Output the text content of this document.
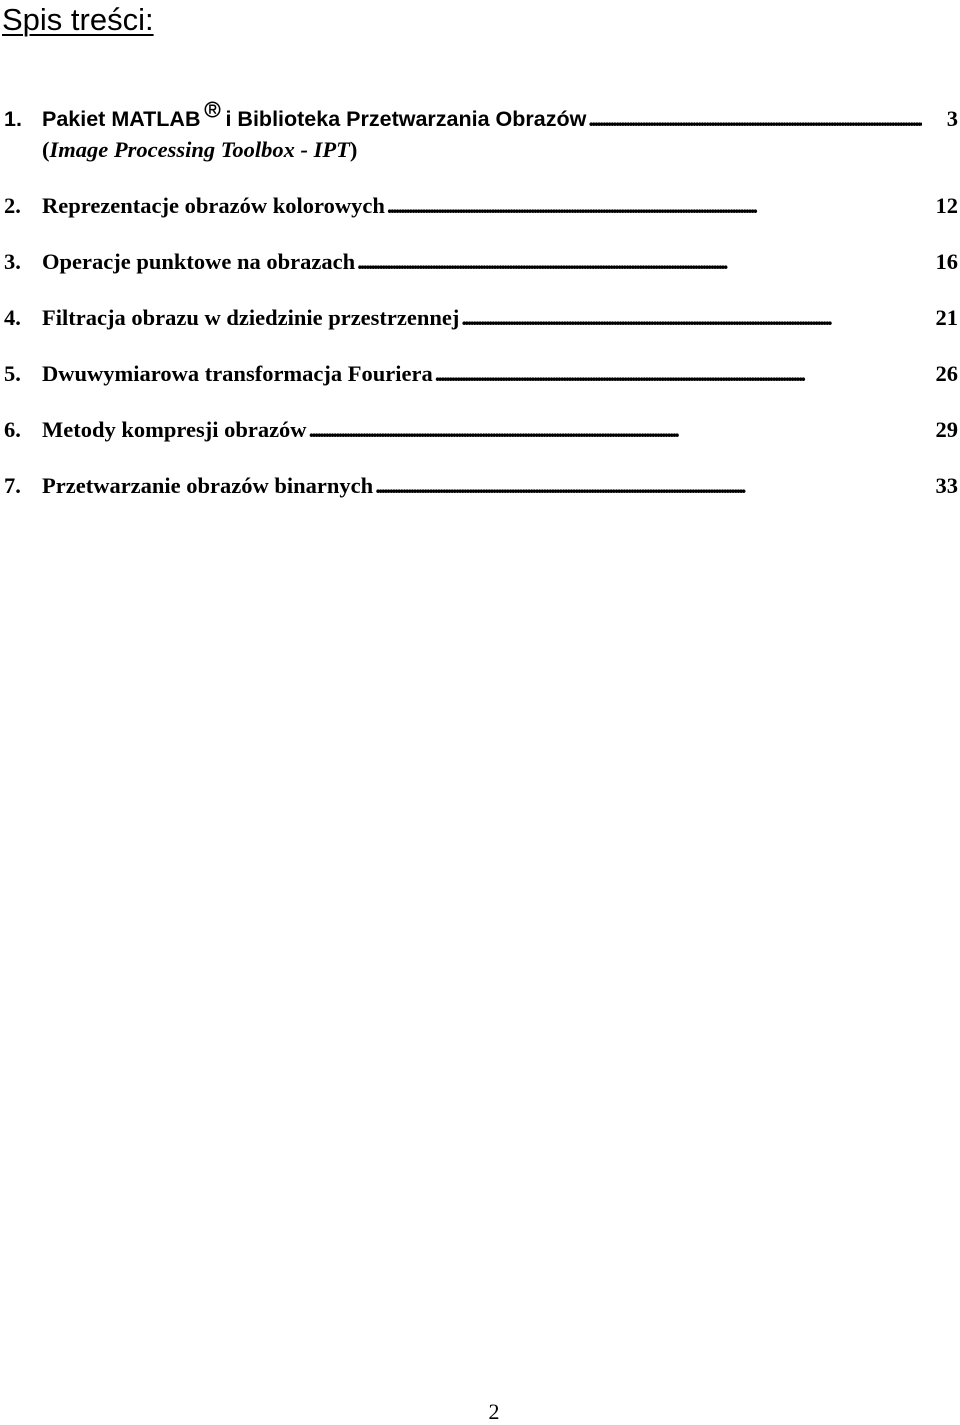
Spis treści:
1. Pakiet MATLAB i Biblioteka Przetwarzania Obrazów . . .	3
(Image Processing Toolbox - IPT)
2. Reprezentacje obrazów kolorowych . . .	12
3. Operacje punktowe na obrazach . . .	16
4. Filtracja obrazu w dziedzinie przestrzennej . . .	21
5. Dwuwymiarowa transformacja Fouriera . . .	26
6. Metody kompresji obrazów . . .	29
7. Przetwarzanie obrazów binarnych . . .	33
2
